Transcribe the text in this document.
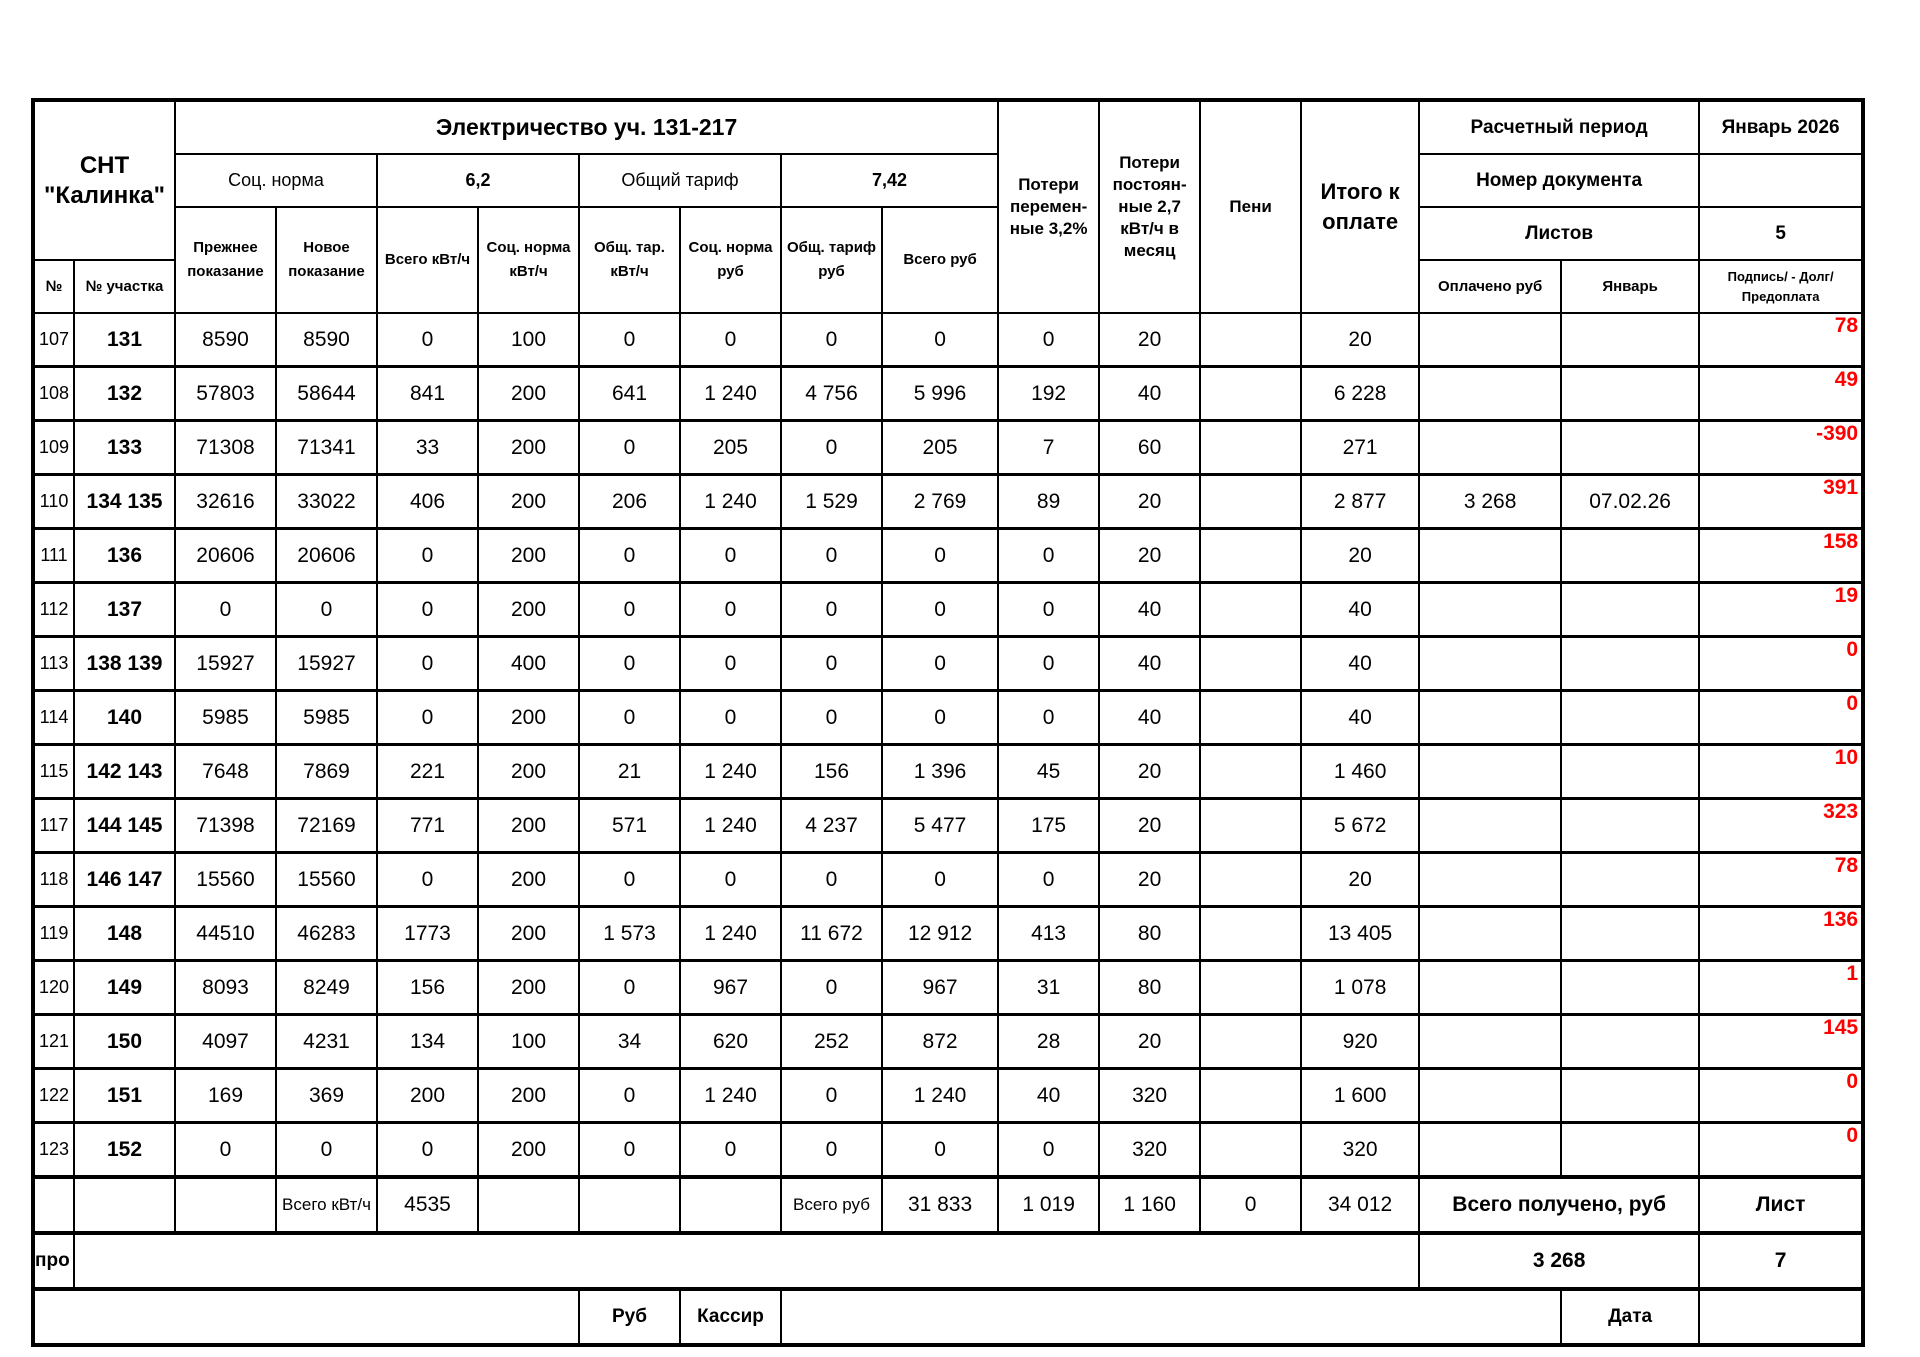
СНТ "Калинка"		Электричество уч. 131-217								Потери перемен-ные 3,2%	Потери постоян-ные 2,7 кВт/ч в месяц	Пени	Итого к оплате	Расчетный период		Январь 2026
		Соц. норма		6,2		Общий тариф		7,42						Номер документа		
		Прежнее показание	Новое показание	Всего кВт/ч	Соц. норма кВт/ч	Общ. тар. кВт/ч	Соц. норма руб	Общ. тариф руб	Всего руб					Листов		5
№	№ участка													Оплачено руб	Январь	Подпись/ - Долг/Предоплата
107	131	8590	8590	0	100	0	0	0	0	0	20		20			78
108	132	57803	58644	841	200	641	1 240	4 756	5 996	192	40		6 228			49
109	133	71308	71341	33	200	0	205	0	205	7	60		271			-390
110	134 135	32616	33022	406	200	206	1 240	1 529	2 769	89	20		2 877	3 268	07.02.26	391
111	136	20606	20606	0	200	0	0	0	0	0	20		20			158
112	137	0	0	0	200	0	0	0	0	0	40		40			19
113	138 139	15927	15927	0	400	0	0	0	0	0	40		40			0
114	140	5985	5985	0	200	0	0	0	0	0	40		40			0
115	142 143	7648	7869	221	200	21	1 240	156	1 396	45	20		1 460			10
117	144 145	71398	72169	771	200	571	1 240	4 237	5 477	175	20		5 672			323
118	146 147	15560	15560	0	200	0	0	0	0	0	20		20			78
119	148	44510	46283	1773	200	1 573	1 240	11 672	12 912	413	80		13 405			136
120	149	8093	8249	156	200	0	967	0	967	31	80		1 078			1
121	150	4097	4231	134	100	34	620	252	872	28	20		920			145
122	151	169	369	200	200	0	1 240	0	1 240	40	320		1 600			0
123	152	0	0	0	200	0	0	0	0	0	320		320			0
			Всего кВт/ч	4535				Всего руб	31 833	1 019	1 160	0	34 012	Всего получено, руб		Лист
про														3 268		7
						Руб	Кассир								Дата	
